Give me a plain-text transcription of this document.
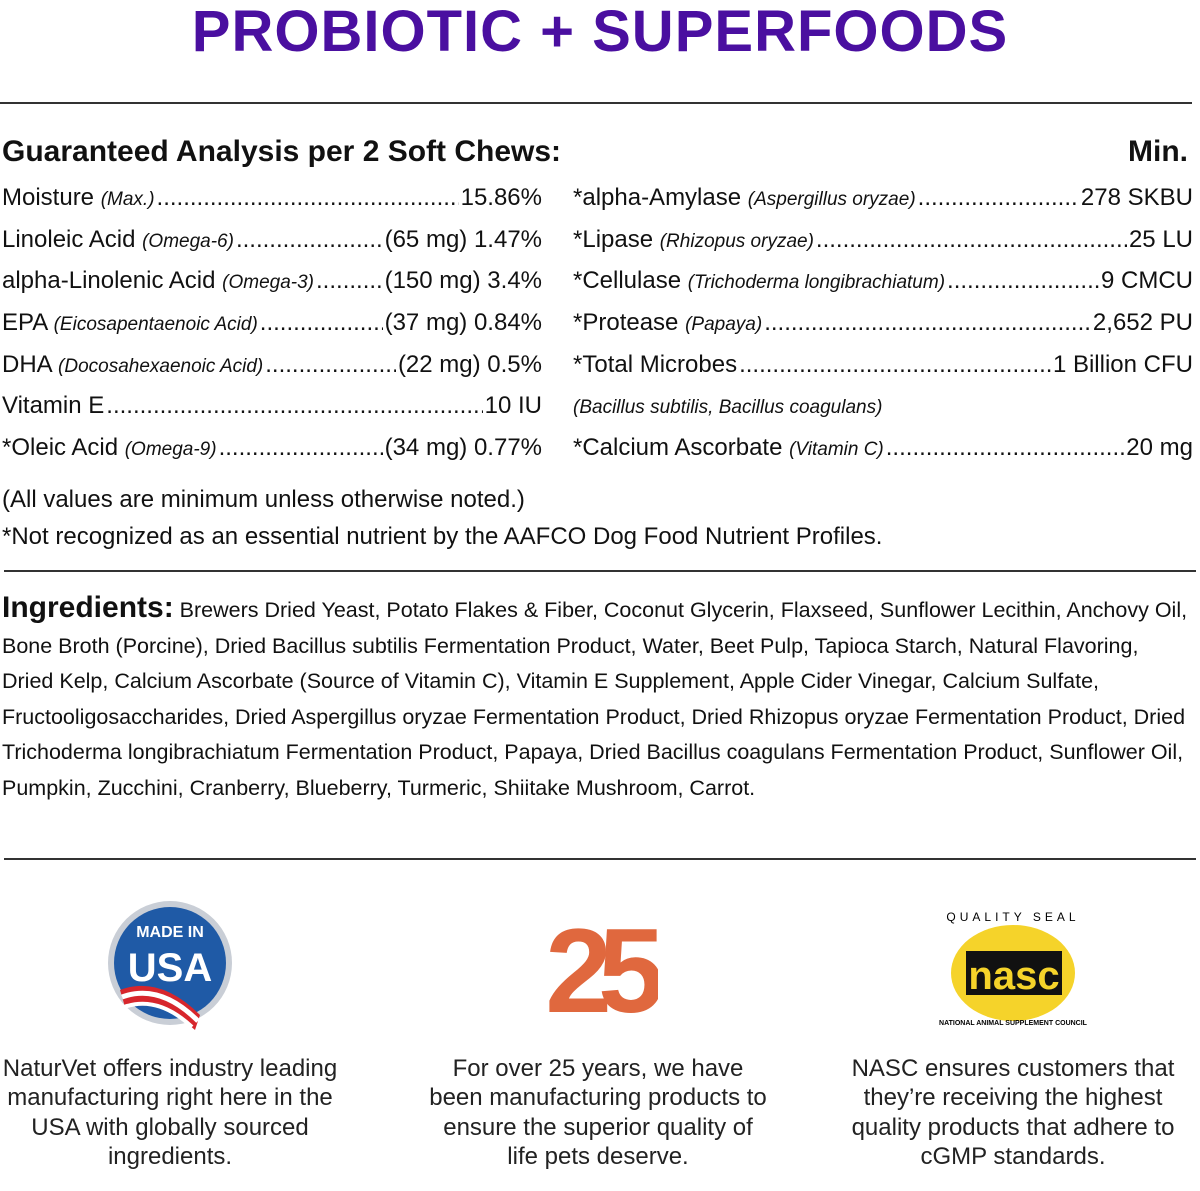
PROBIOTIC + SUPERFOODS
Guaranteed Analysis per 2 Soft Chews:	Min.
Moisture (Max.) .....	15.86%
Linoleic Acid (Omega-6) .....	(65 mg) 1.47%
alpha-Linolenic Acid (Omega-3) .....	(150 mg) 3.4%
EPA (Eicosapentaenoic Acid) .....	(37 mg) 0.84%
DHA (Docosahexaenoic Acid) .....	(22 mg) 0.5%
Vitamin E .....	10 IU
*Oleic Acid (Omega-9) .....	(34 mg) 0.77%
*alpha-Amylase (Aspergillus oryzae) .....	278 SKBU
*Lipase (Rhizopus oryzae) .....	25 LU
*Cellulase (Trichoderma longibrachiatum) .....	9 CMCU
*Protease (Papaya) .....	2,652 PU
*Total Microbes .....	1 Billion CFU
(Bacillus subtilis, Bacillus coagulans)
*Calcium Ascorbate (Vitamin C) .....	20 mg
(All values are minimum unless otherwise noted.)
*Not recognized as an essential nutrient by the AAFCO Dog Food Nutrient Profiles.
Ingredients: Brewers Dried Yeast, Potato Flakes & Fiber, Coconut Glycerin, Flaxseed, Sunflower Lecithin, Anchovy Oil, Bone Broth (Porcine), Dried Bacillus subtilis Fermentation Product, Water, Beet Pulp, Tapioca Starch, Natural Flavoring, Dried Kelp, Calcium Ascorbate (Source of Vitamin C), Vitamin E Supplement, Apple Cider Vinegar, Calcium Sulfate, Fructooligosaccharides, Dried Aspergillus oryzae Fermentation Product, Dried Rhizopus oryzae Fermentation Product, Dried Trichoderma longibrachiatum Fermentation Product, Papaya, Dried Bacillus coagulans Fermentation Product, Sunflower Oil, Pumpkin, Zucchini, Cranberry, Blueberry, Turmeric, Shiitake Mushroom, Carrot.
MADE IN
USA

NaturVet offers industry leading manufacturing right here in the USA with globally sourced ingredients.

25

For over 25 years, we have been manufacturing products to ensure the superior quality of life pets deserve.

QUALITY SEAL
nasc
NATIONAL ANIMAL SUPPLEMENT COUNCIL

NASC ensures customers that they’re receiving the highest quality products that adhere to cGMP standards.
